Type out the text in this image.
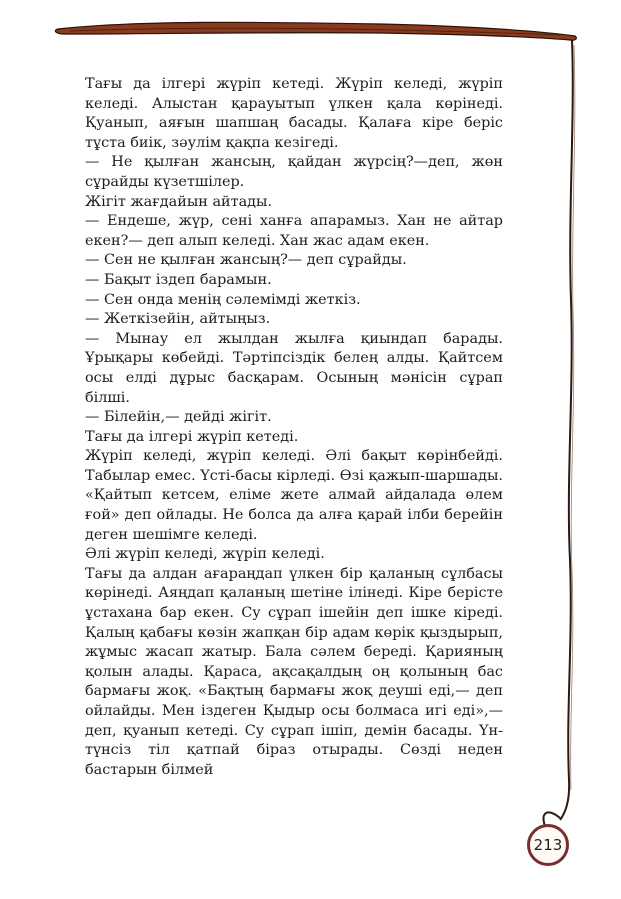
Тағы да ілгері жүріп кетеді. Жүріп келеді, жүріп келеді. Алыстан қарауытып үлкен қала көрінеді. Қуанып, аяғын шапшаң басады. Қалаға кіре беріс тұста биік, зәулім қақпа кезігеді.

— Не қылған жансың, қайдан жүрсің?—деп, жөн сұрайды күзетшілер.

Жігіт жағдайын айтады.

— Ендеше, жүр, сені ханға апарамыз. Хан не айтар екен?— деп алып келеді. Хан жас адам екен.

— Сен не қылған жансың?— деп сұрайды.

— Бақыт іздеп барамын.

— Сен онда менің сәлемімді жеткіз.

— Жеткізейін, айтыңыз.

— Мынау ел жылдан жылға қиындап барады. Ұрықары көбейді. Тәртіпсіздік белең алды. Қайтсем осы елді дұрыс басқарам. Осының мәнісін сұрап білші.

— Білейін,— дейді жігіт.

Тағы да ілгері жүріп кетеді.

Жүріп келеді, жүріп келеді. Әлі бақыт көрінбейді. Табылар емес. Үсті-басы кірледі. Өзі қажып-шаршады. «Қайтып кетсем, еліме жете алмай айдалада өлем ғой» деп ойлады. Не болса да алға қарай ілби берейін деген шешімге келеді.

Әлі жүріп келеді, жүріп келеді.

Тағы да алдан ағараңдап үлкен бір қаланың сұлбасы көрінеді. Аяңдап қаланың шетіне ілінеді. Кіре берісте ұстахана бар екен. Су сұрап ішейін деп ішке кіреді. Қалың қабағы көзін жапқан бір адам көрік қыздырып, жұмыс жасап жатыр. Бала сәлем береді. Қарияның қолын алады. Қараса, ақсақалдың оң қолының бас бармағы жоқ. «Бақтың бармағы жоқ деуші еді,— деп ойлайды. Мен іздеген Қыдыр осы болмаса игі еді»,—деп, қуанып кетеді. Су сұрап ішіп, демін басады. Үн-түнсіз тіл қатпай біраз отырады. Сөзді неден бастарын білмей

213
